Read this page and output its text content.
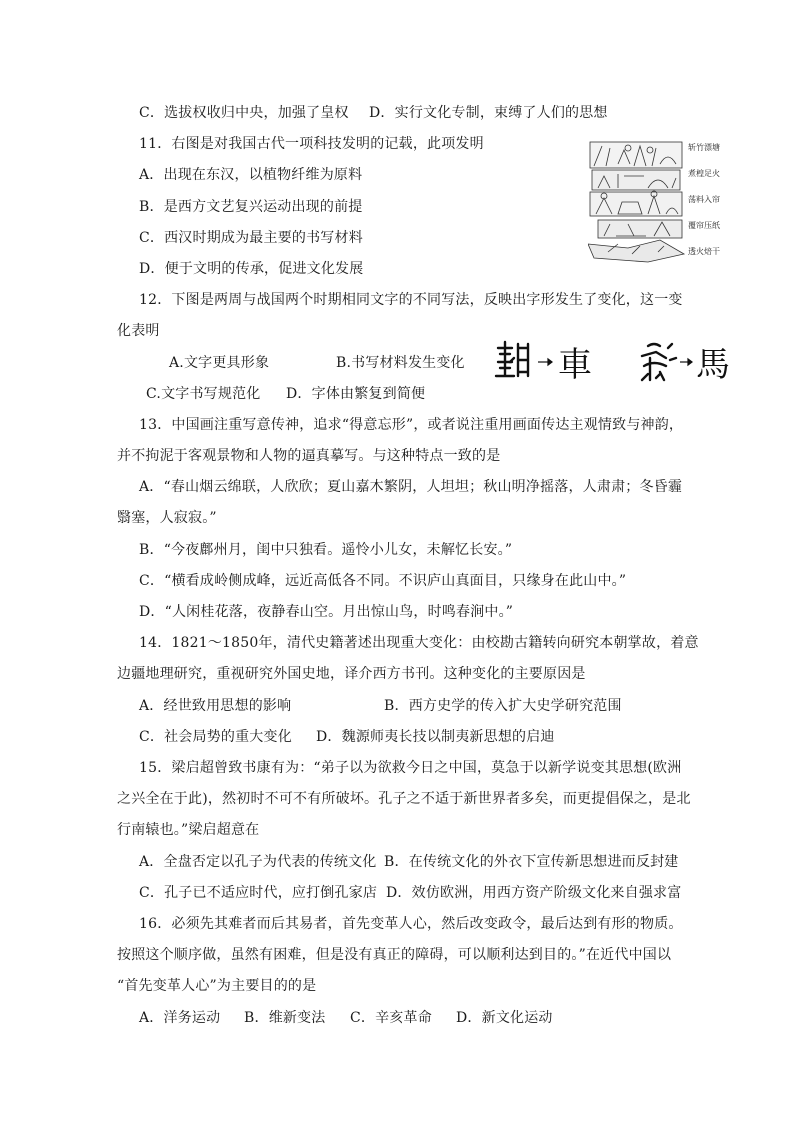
C．选拔权收归中央，加强了皇权 D．实行文化专制，束缚了人们的思想
11．右图是对我国古代一项科技发明的记载，此项发明
A．出现在东汉，以植物纤维为原料
B．是西方文艺复兴运动出现的前提
C．西汉时期成为最主要的书写材料
D．便于文明的传承，促进文化发展
斩竹漂塘
煮楻足火
荡料入帘
覆帘压纸
透火焙干
12．下图是两周与战国两个时期相同文字的不同写法，反映出字形发生了变化，这一变
化表明
A.文字更具形象	B.书写材料发生变化
C.文字书写规范化 D．字体由繁复到简便
車	馬
13．中国画注重写意传神，追求“得意忘形”，或者说注重用画面传达主观情致与神韵，
并不拘泥于客观景物和人物的逼真摹写。与这种特点一致的是
A．“春山烟云绵联，人欣欣；夏山嘉木繁阴，人坦坦；秋山明净摇落，人肃肃；冬昏霾
翳塞，人寂寂。”
B．“今夜鄜州月，闺中只独看。遥怜小儿女，未解忆长安。”
C．“横看成岭侧成峰，远近高低各不同。不识庐山真面目，只缘身在此山中。”
D．“人闲桂花落，夜静春山空。月出惊山鸟，时鸣春涧中。”
14．1821～1850年，清代史籍著述出现重大变化：由校勘古籍转向研究本朝掌故，着意
边疆地理研究，重视研究外国史地，译介西方书刊。这种变化的主要原因是
A．经世致用思想的影响	B．西方史学的传入扩大史学研究范围
C．社会局势的重大变化 D．魏源师夷长技以制夷新思想的启迪
15．梁启超曾致书康有为：“弟子以为欲救今日之中国，莫急于以新学说变其思想(欧洲
之兴全在于此)，然初时不可不有所破坏。孔子之不适于新世界者多矣，而更提倡保之，是北
行南辕也。”梁启超意在
A．全盘否定以孔子为代表的传统文化 B．在传统文化的外衣下宣传新思想进而反封建
C．孔子已不适应时代，应打倒孔家店 D．效仿欧洲，用西方资产阶级文化来自强求富
16．必须先其难者而后其易者，首先变革人心，然后改变政令，最后达到有形的物质。
按照这个顺序做，虽然有困难，但是没有真正的障碍，可以顺利达到目的。”在近代中国以
“首先变革人心”为主要目的的是
A．洋务运动 B．维新变法 C．辛亥革命 D．新文化运动
